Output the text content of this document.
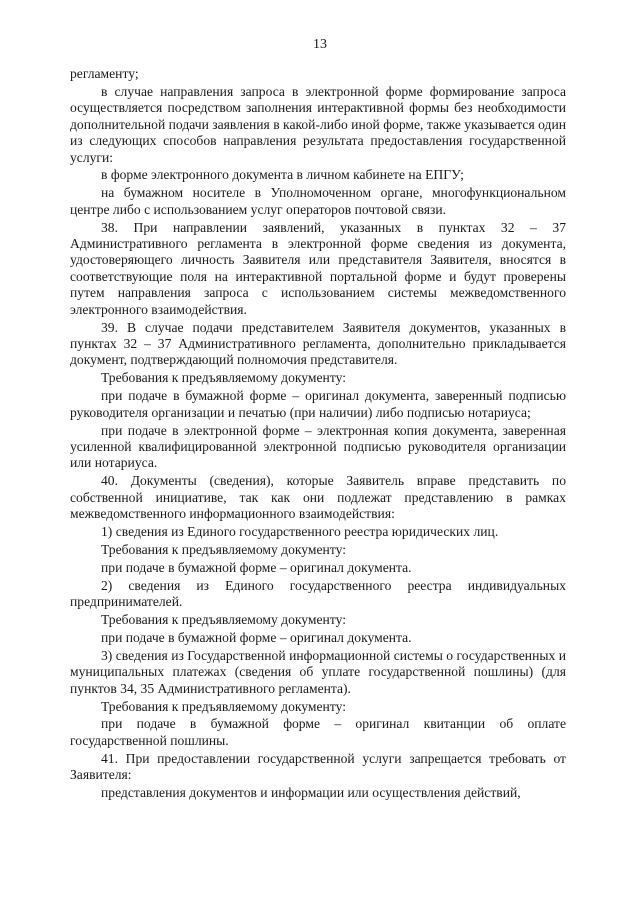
13

регламенту;

в случае направления запроса в электронной форме формирование запроса осуществляется посредством заполнения интерактивной формы без необходимости дополнительной подачи заявления в какой-либо иной форме, также указывается один из следующих способов направления результата предоставления государственной услуги:

в форме электронного документа в личном кабинете на ЕПГУ;

на бумажном носителе в Уполномоченном органе, многофункциональном центре либо с использованием услуг операторов почтовой связи.

38. При направлении заявлений, указанных в пунктах 32 – 37 Административного регламента в электронной форме сведения из документа, удостоверяющего личность Заявителя или представителя Заявителя, вносятся в соответствующие поля на интерактивной портальной форме и будут проверены путем направления запроса с использованием системы межведомственного электронного взаимодействия.

39. В случае подачи представителем Заявителя документов, указанных в пунктах 32 – 37 Административного регламента, дополнительно прикладывается документ, подтверждающий полномочия представителя.

Требования к предъявляемому документу:

при подаче в бумажной форме – оригинал документа, заверенный подписью руководителя организации и печатью (при наличии) либо подписью нотариуса;

при подаче в электронной форме – электронная копия документа, заверенная усиленной квалифицированной электронной подписью руководителя организации или нотариуса.

40. Документы (сведения), которые Заявитель вправе представить по собственной инициативе, так как они подлежат представлению в рамках межведомственного информационного взаимодействия:

1) сведения из Единого государственного реестра юридических лиц.

Требования к предъявляемому документу:

при подаче в бумажной форме – оригинал документа.

2) сведения из Единого государственного реестра индивидуальных предпринимателей.

Требования к предъявляемому документу:

при подаче в бумажной форме – оригинал документа.

3) сведения из Государственной информационной системы о государственных и муниципальных платежах (сведения об уплате государственной пошлины) (для пунктов 34, 35 Административного регламента).

Требования к предъявляемому документу:

при подаче в бумажной форме – оригинал квитанции об оплате государственной пошлины.

41. При предоставлении государственной услуги запрещается требовать от Заявителя:

представления документов и информации или осуществления действий,
